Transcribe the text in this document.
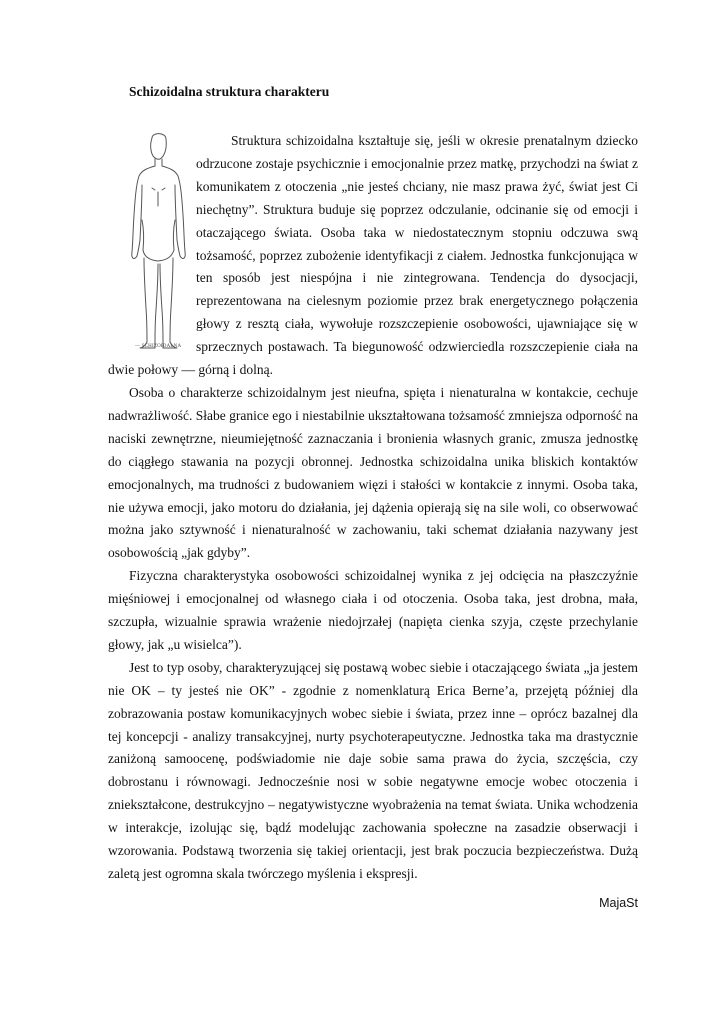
Schizoidalna struktura charakteru
— SCHIZOIDALNA

Struktura schizoidalna kształtuje się, jeśli w okresie prenatalnym dziecko odrzucone zostaje psychicznie i emocjonalnie przez matkę, przychodzi na świat z komunikatem z otoczenia „nie jesteś chciany, nie masz prawa żyć, świat jest Ci niechętny”. Struktura buduje się poprzez odczulanie, odcinanie się od emocji i otaczającego świata. Osoba taka w niedostatecznym stopniu odczuwa swą tożsamość, poprzez zubożenie identyfikacji z ciałem. Jednostka funkcjonująca w ten sposób jest niespójna i nie zintegrowana. Tendencja do dysocjacji, reprezentowana na cielesnym poziomie przez brak energetycznego połączenia głowy z resztą ciała, wywołuje rozszczepienie osobowości, ujawniające się w sprzecznych postawach. Ta biegunowość odzwierciedla rozszczepienie ciała na dwie połowy — górną i dolną.

Osoba o charakterze schizoidalnym jest nieufna, spięta i nienaturalna w kontakcie, cechuje nadwrażliwość. Słabe granice ego i niestabilnie ukształtowana tożsamość zmniejsza odporność na naciski zewnętrzne, nieumiejętność zaznaczania i bronienia własnych granic, zmusza jednostkę do ciągłego stawania na pozycji obronnej. Jednostka schizoidalna unika bliskich kontaktów emocjonalnych, ma trudności z budowaniem więzi i stałości w kontakcie z innymi. Osoba taka, nie używa emocji, jako motoru do działania, jej dążenia opierają się na sile woli, co obserwować można jako sztywność i nienaturalność w zachowaniu, taki schemat działania nazywany jest osobowością „jak gdyby”.

Fizyczna charakterystyka osobowości schizoidalnej wynika z jej odcięcia na płaszczyźnie mięśniowej i emocjonalnej od własnego ciała i od otoczenia. Osoba taka, jest drobna, mała, szczupła, wizualnie sprawia wrażenie niedojrzałej (napięta cienka szyja, częste przechylanie głowy, jak „u wisielca”).

Jest to typ osoby, charakteryzującej się postawą wobec siebie i otaczającego świata „ja jestem nie OK – ty jesteś nie OK” - zgodnie z nomenklaturą Erica Berne’a, przejętą później dla zobrazowania postaw komunikacyjnych wobec siebie i świata, przez inne – oprócz bazalnej dla tej koncepcji - analizy transakcyjnej, nurty psychoterapeutyczne. Jednostka taka ma drastycznie zaniżoną samoocenę, podświadomie nie daje sobie sama prawa do życia, szczęścia, czy dobrostanu i równowagi. Jednocześnie nosi w sobie negatywne emocje wobec otoczenia i zniekształcone, destrukcyjno – negatywistyczne wyobrażenia na temat świata. Unika wchodzenia w interakcje, izolując się, bądź modelując zachowania społeczne na zasadzie obserwacji i wzorowania. Podstawą tworzenia się takiej orientacji, jest brak poczucia bezpieczeństwa. Dużą zaletą jest ogromna skala twórczego myślenia i ekspresji.

MajaSt
